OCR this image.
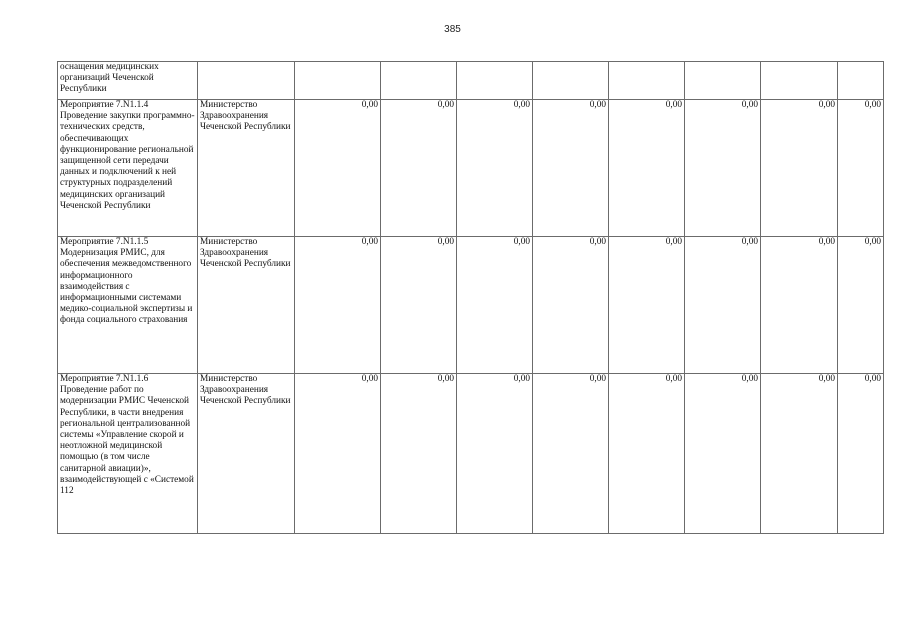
385
оснащения медицинских организаций Чеченской Республики									
Мероприятие 7.N1.1.4 Проведение закупки программно-технических средств, обеспечивающих функционирование региональной защищенной сети передачи данных и подключений к ней структурных подразделений медицинских организаций Чеченской Республики	Министерство Здравоохранения Чеченской Республики	0,00	0,00	0,00	0,00	0,00	0,00	0,00	0,00
Мероприятие 7.N1.1.5 Модернизация РМИС, для обеспечения межведомственного информационного взаимодействия с информационными системами медико-социальной экспертизы и фонда социального страхования	Министерство Здравоохранения Чеченской Республики	0,00	0,00	0,00	0,00	0,00	0,00	0,00	0,00
Мероприятие 7.N1.1.6 Проведение работ по модернизации РМИС Чеченской Республики, в части внедрения региональной централизованной системы «Управление скорой и неотложной медицинской помощью (в том числе санитарной авиации)», взаимодействующей с «Системой 112	Министерство Здравоохранения Чеченской Республики	0,00	0,00	0,00	0,00	0,00	0,00	0,00	0,00
